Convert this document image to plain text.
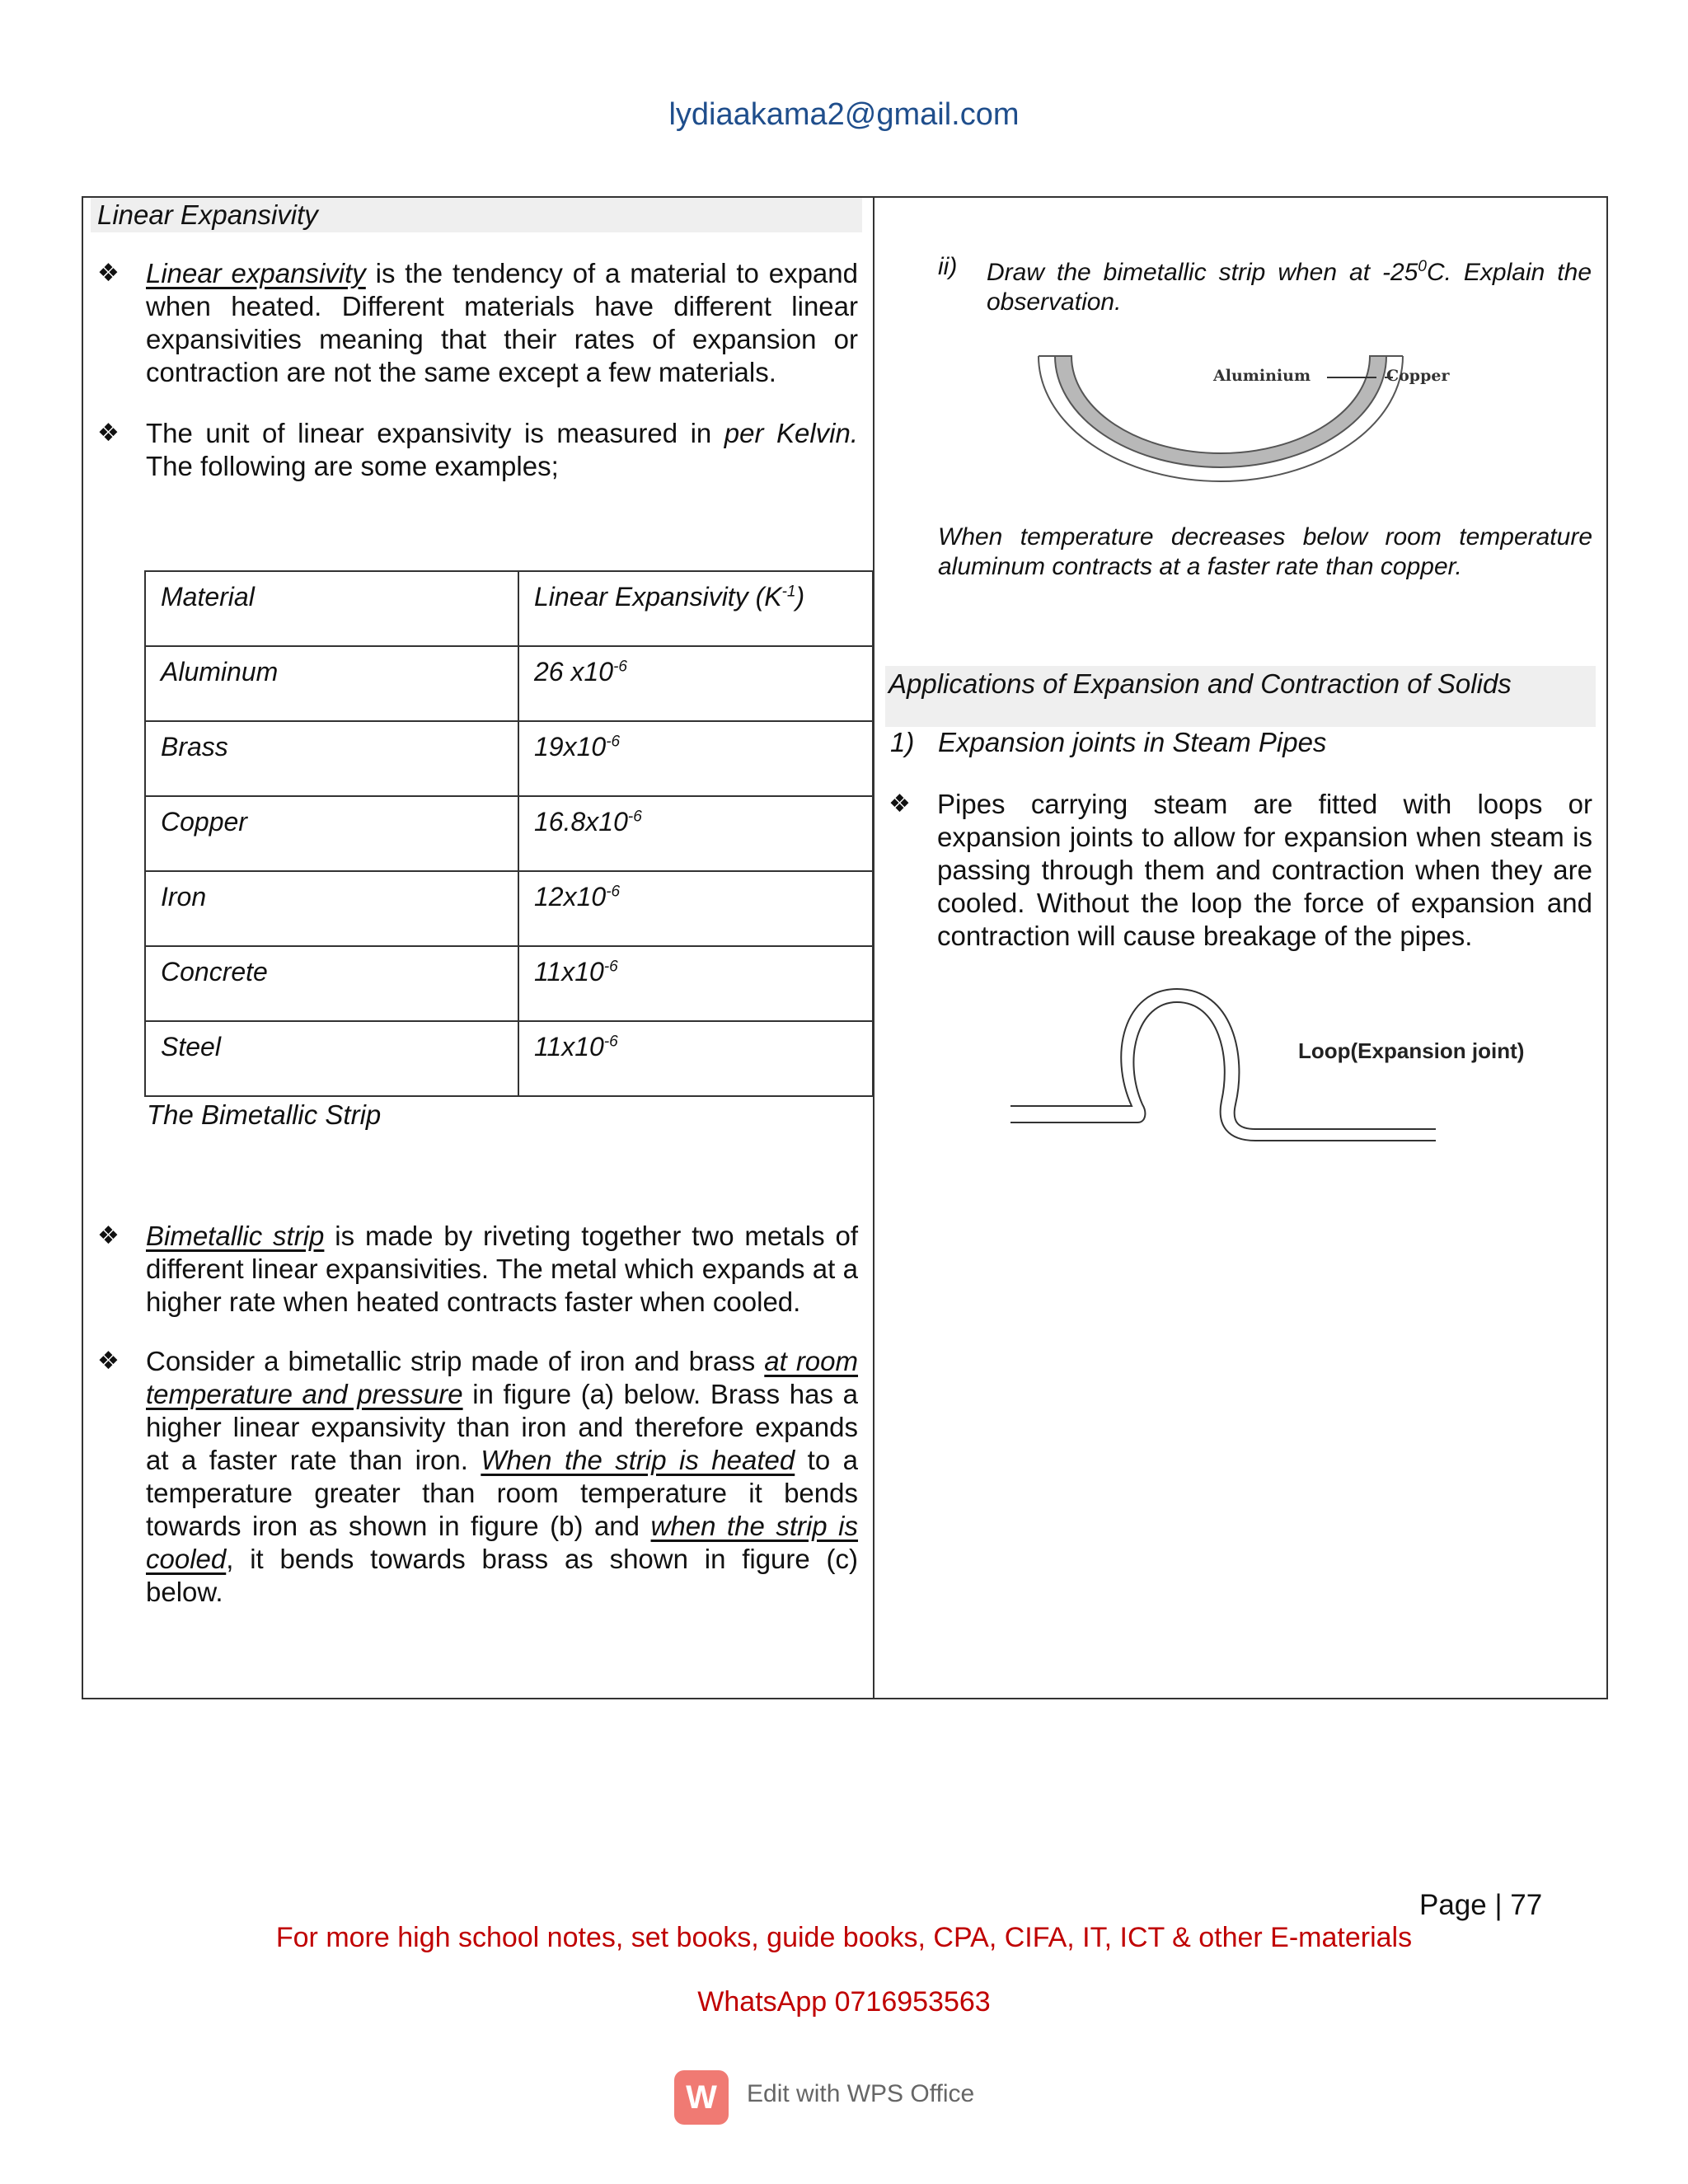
lydiaakama2@gmail.com
Linear Expansivity
❖ Linear expansivity is the tendency of a material to expand when heated. Different materials have different linear expansivities meaning that their rates of expansion or contraction are not the same except a few materials.
❖ The unit of linear expansivity is measured in per Kelvin. The following are some examples;
Material	Linear Expansivity $(K^{-1})$
Aluminum	26 $x10^{-6}$
Brass	$19x10^{-6}$
Copper	$16.8x10^{-6}$
Iron	$12x10^{-6}$
Concrete	$11x10^{-6}$
Steel	$11x10^{-6}$
The Bimetallic Strip
❖ Bimetallic strip is made by riveting together two metals of different linear expansivities. The metal which expands at a higher rate when heated contracts faster when cooled.
❖ Consider a bimetallic strip made of iron and brass at room temperature and pressure in figure (a) below. Brass has a higher linear expansivity than iron and therefore expands at a faster rate than iron. When the strip is heated to a temperature greater than room temperature it bends towards iron as shown in figure (b) and when the strip is cooled, it bends towards brass as shown in figure (c) below.
ii) Draw the bimetallic strip when at $-25^0C$. Explain the observation.
Aluminium	Copper
When temperature decreases below room temperature aluminum contracts at a faster rate than copper.
Applications of Expansion and Contraction of Solids
1) Expansion joints in Steam Pipes
❖ Pipes carrying steam are fitted with loops or expansion joints to allow for expansion when steam is passing through them and contraction when they are cooled. Without the loop the force of expansion and contraction will cause breakage of the pipes.
Loop(Expansion joint)
Page | 77
For more high school notes, set books, guide books, CPA, CIFA, IT, ICT & other E-materials
WhatsApp 0716953563
W	Edit with WPS Office
